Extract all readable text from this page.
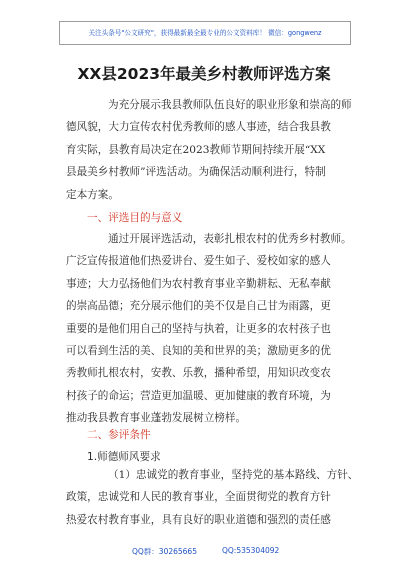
关注头条号"公文研究"，获得最新最全最专业的公文资料库！ 微信：gongwenz
XX县2023年最美乡村教师评选方案
为充分展示我县教师队伍良好的职业形象和崇高的师
德风貌，大力宣传农村优秀教师的感人事迹，结合我县教
育实际，县教育局决定在2023教师节期间持续开展“XX
县最美乡村教师”评选活动。为确保活动顺利进行，特制
定本方案。
一、评选目的与意义
通过开展评选活动，表彰扎根农村的优秀乡村教师。
广泛宣传报道他们热爱讲台、爱生如子、爱校如家的感人
事迹；大力弘扬他们为农村教育事业辛勤耕耘、无私奉献
的崇高品德；充分展示他们的美不仅是自己甘为雨露，更
重要的是他们用自己的坚持与执着，让更多的农村孩子也
可以看到生活的美、良知的美和世界的美；激励更多的优
秀教师扎根农村，安教、乐教，播种希望，用知识改变农
村孩子的命运；营造更加温暖、更加健康的教育环境，为
推动我县教育事业蓬勃发展树立榜样。
二、参评条件
1.师德师风要求
（1）忠诚党的教育事业，坚持党的基本路线、方针、
政策，忠诚党和人民的教育事业，全面贯彻党的教育方针
热爱农村教育事业，具有良好的职业道德和强烈的责任感
QQ群：30265665	QQ:535304092
